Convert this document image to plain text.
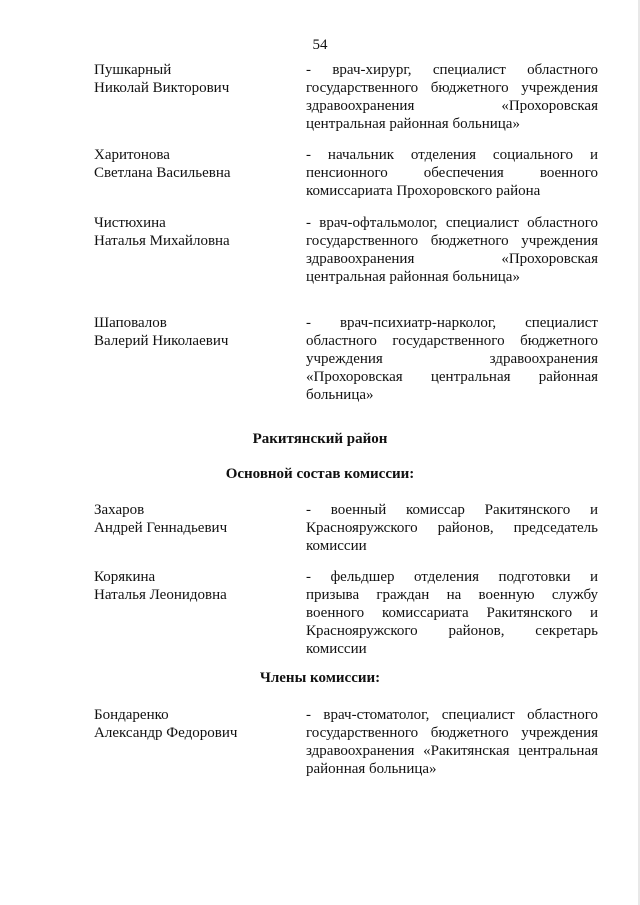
54
Пушкарный
Николай Викторович
- врач-хирург, специалист областного
государственного бюджетного учреждения
здравоохранения «Прохоровская
центральная районная больница»
Харитонова
Светлана Васильевна
- начальник отделения социального и
пенсионного обеспечения военного
комиссариата Прохоровского района
Чистюхина
Наталья Михайловна
- врач-офтальмолог, специалист областного
государственного бюджетного учреждения
здравоохранения «Прохоровская
центральная районная больница»
Шаповалов
Валерий Николаевич
- врач-психиатр-нарколог, специалист
областного государственного бюджетного
учреждения здравоохранения
«Прохоровская центральная районная
больница»
Ракитянский район
Основной состав комиссии:
Захаров
Андрей Геннадьевич
- военный комиссар Ракитянского и
Краснояружского районов, председатель
комиссии
Корякина
Наталья Леонидовна
- фельдшер отделения подготовки и
призыва граждан на военную службу
военного комиссариата Ракитянского и
Краснояружского районов, секретарь
комиссии
Члены комиссии:
Бондаренко
Александр Федорович
- врач-стоматолог, специалист областного
государственного бюджетного учреждения
здравоохранения «Ракитянская центральная
районная больница»
